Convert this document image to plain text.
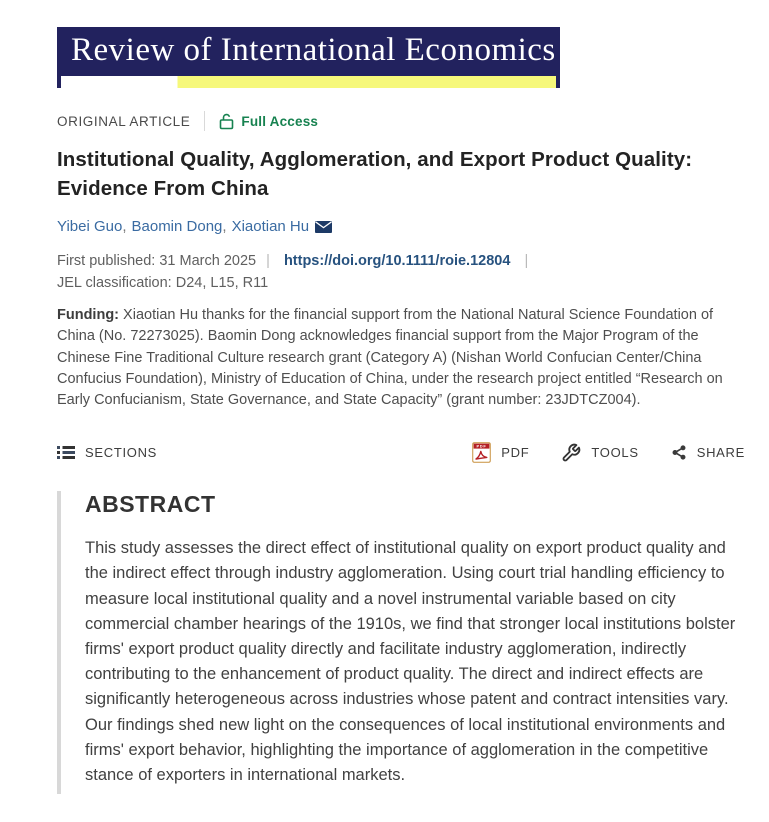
Review of International Economics
ORIGINAL ARTICLE	Full Access
Institutional Quality, Agglomeration, and Export Product Quality: Evidence From China
Yibei Guo , Baomin Dong , Xiaotian Hu
First published: 31 March 2025 | https://doi.org/10.1111/roie.12804 |
JEL classification: D24, L15, R11

Funding: Xiaotian Hu thanks for the financial support from the National Natural Science Foundation of China (No. 72273025). Baomin Dong acknowledges financial support from the Major Program of the Chinese Fine Traditional Culture research grant (Category A) (Nishan World Confucian Center/China Confucius Foundation), Ministry of Education of China, under the research project entitled “Research on Early Confucianism, State Governance, and State Capacity” (grant number: 23JDTCZ004).

SECTIONS	PDF PDF	TOOLS	SHARE
ABSTRACT

This study assesses the direct effect of institutional quality on export product quality and the indirect effect through industry agglomeration. Using court trial handling efficiency to measure local institutional quality and a novel instrumental variable based on city commercial chamber hearings of the 1910s, we find that stronger local institutions bolster firms' export product quality directly and facilitate industry agglomeration, indirectly contributing to the enhancement of product quality. The direct and indirect effects are significantly heterogeneous across industries whose patent and contract intensities vary. Our findings shed new light on the consequences of local institutional environments and firms' export behavior, highlighting the importance of agglomeration in the competitive stance of exporters in international markets.
